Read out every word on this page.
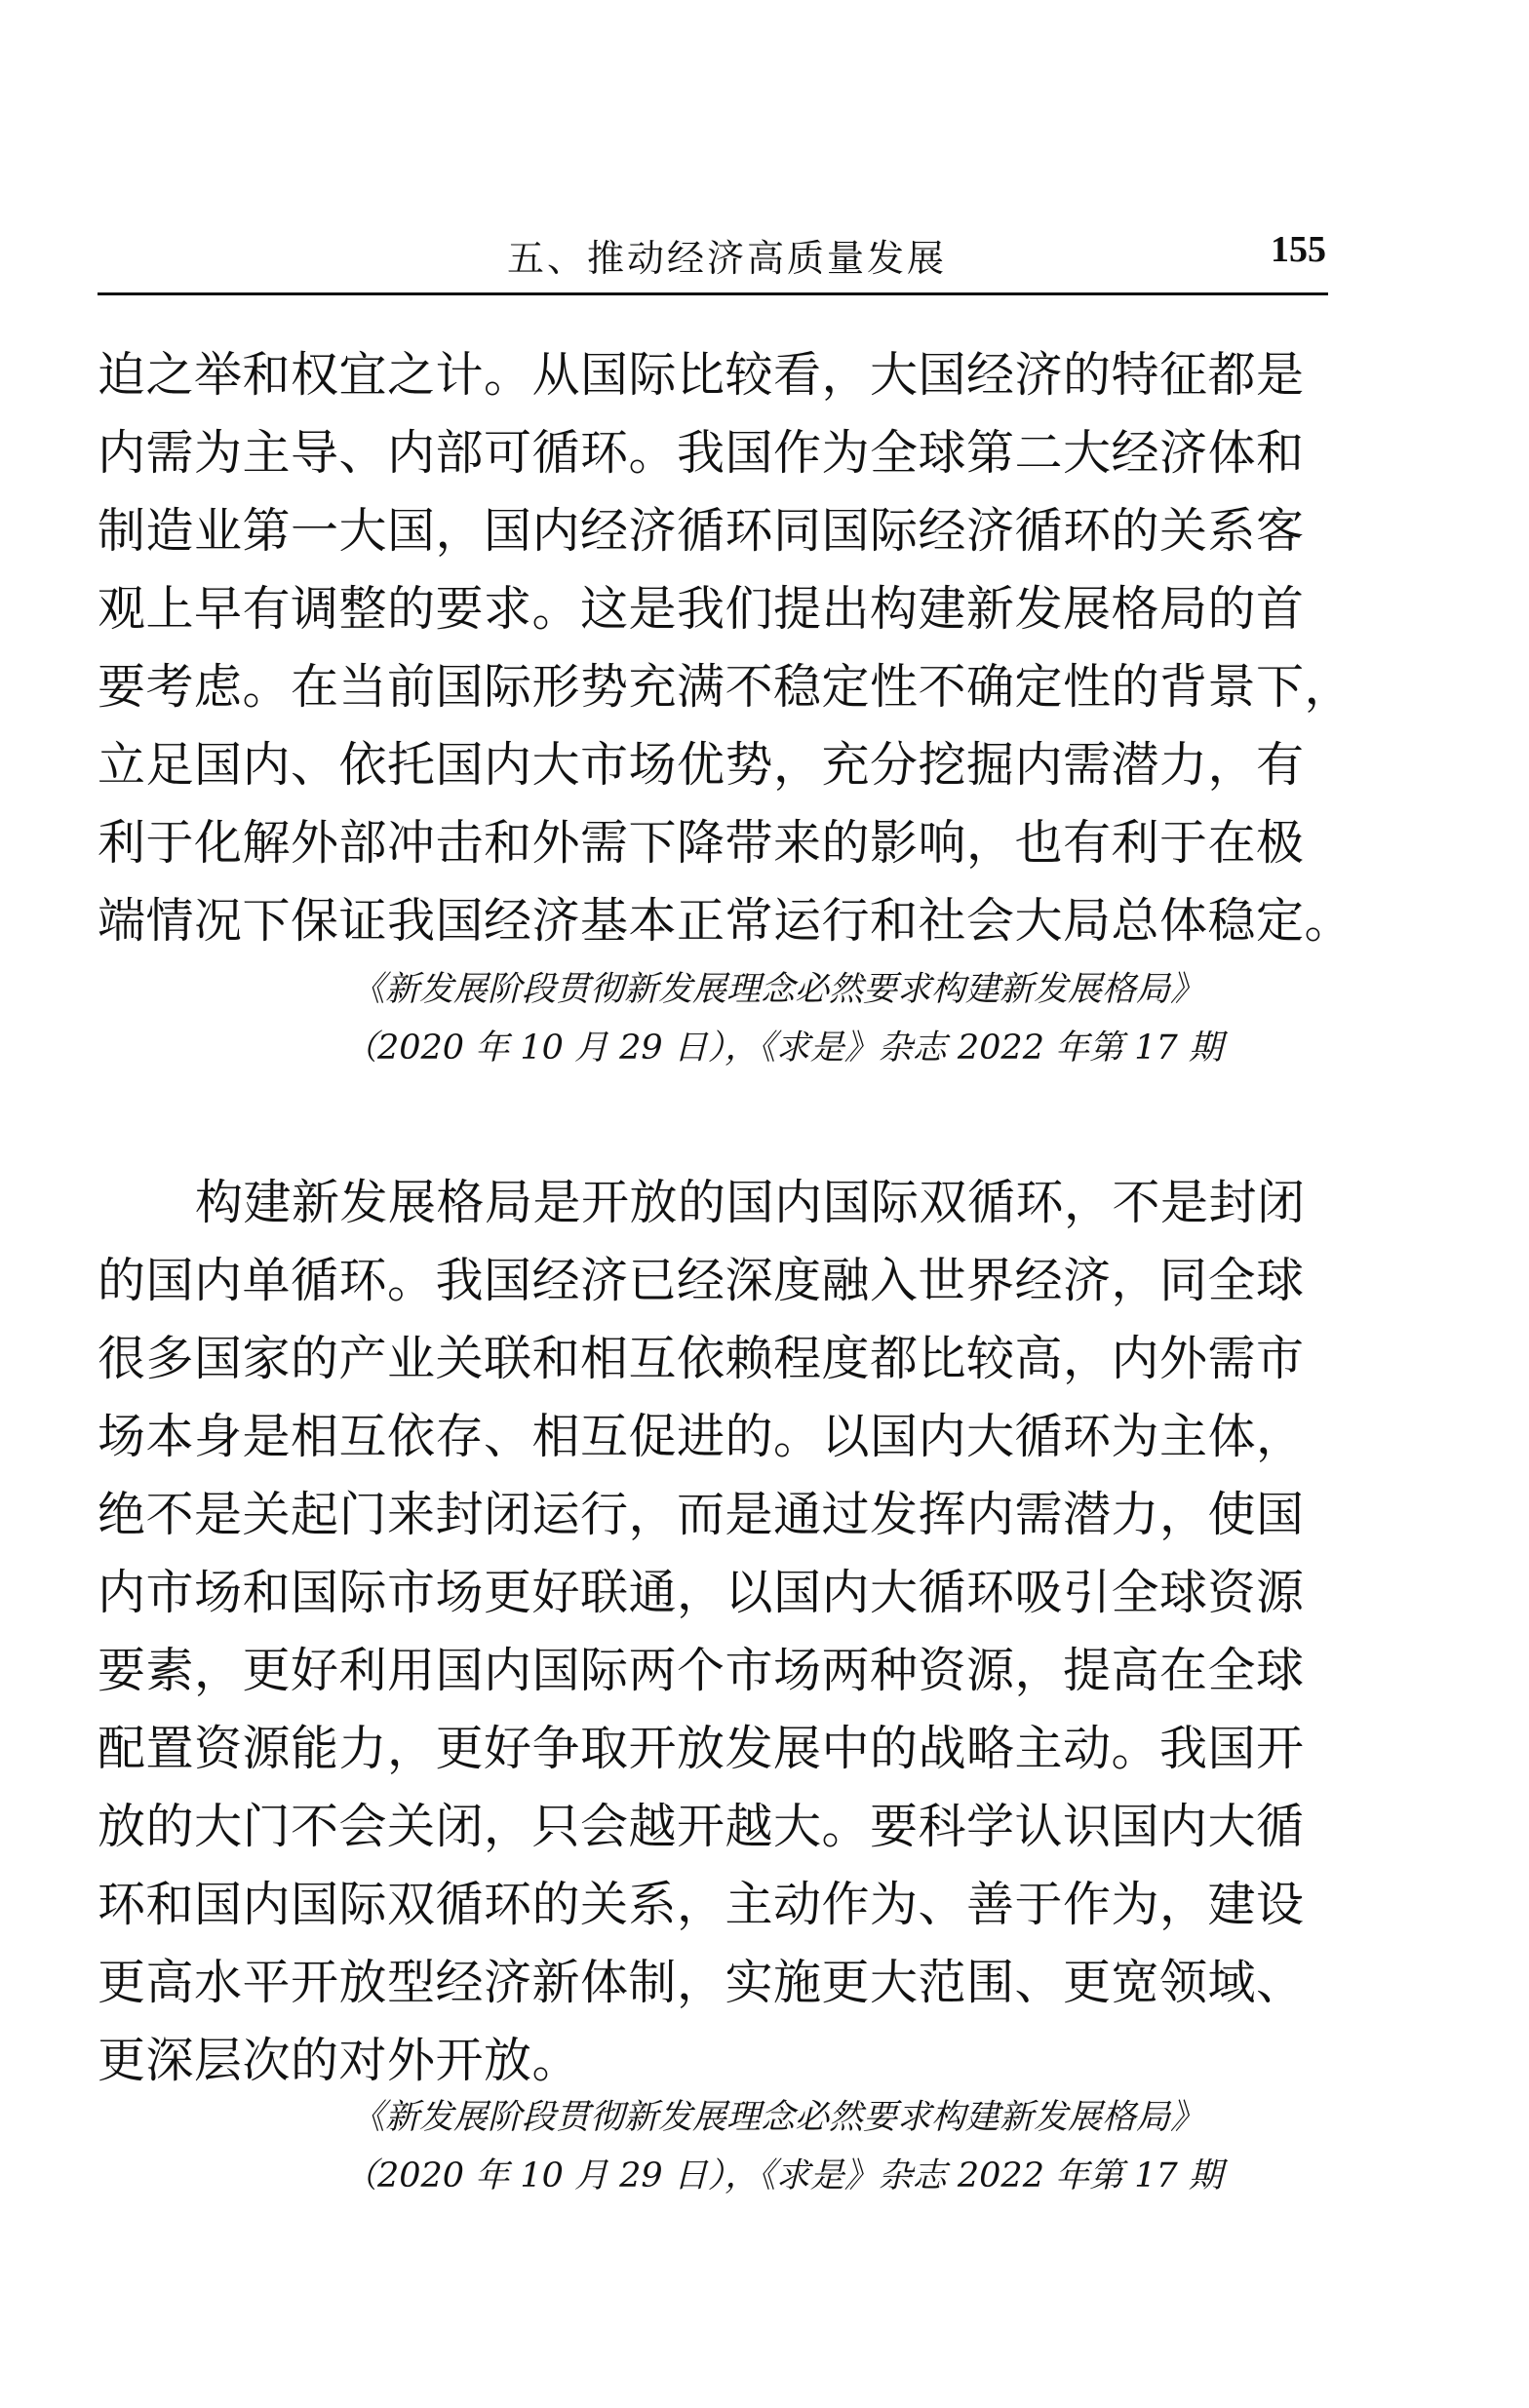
五、推动经济高质量发展	155
迫之举和权宜之计。从国际比较看，大国经济的特征都是
内需为主导、内部可循环。我国作为全球第二大经济体和
制造业第一大国，国内经济循环同国际经济循环的关系客
观上早有调整的要求。这是我们提出构建新发展格局的首
要考虑。在当前国际形势充满不稳定性不确定性的背景下，
立足国内、依托国内大市场优势，充分挖掘内需潜力，有
利于化解外部冲击和外需下降带来的影响，也有利于在极
端情况下保证我国经济基本正常运行和社会大局总体稳定。
《新发展阶段贯彻新发展理念必然要求构建新发展格局》
（2020 年 10 月 29 日），《求是》杂志 2022 年第 17 期
构建新发展格局是开放的国内国际双循环，不是封闭
的国内单循环。我国经济已经深度融入世界经济，同全球
很多国家的产业关联和相互依赖程度都比较高，内外需市
场本身是相互依存、相互促进的。以国内大循环为主体，
绝不是关起门来封闭运行，而是通过发挥内需潜力，使国
内市场和国际市场更好联通，以国内大循环吸引全球资源
要素，更好利用国内国际两个市场两种资源，提高在全球
配置资源能力，更好争取开放发展中的战略主动。我国开
放的大门不会关闭，只会越开越大。要科学认识国内大循
环和国内国际双循环的关系，主动作为、善于作为，建设
更高水平开放型经济新体制，实施更大范围、更宽领域、
更深层次的对外开放。
《新发展阶段贯彻新发展理念必然要求构建新发展格局》
（2020 年 10 月 29 日），《求是》杂志 2022 年第 17 期
